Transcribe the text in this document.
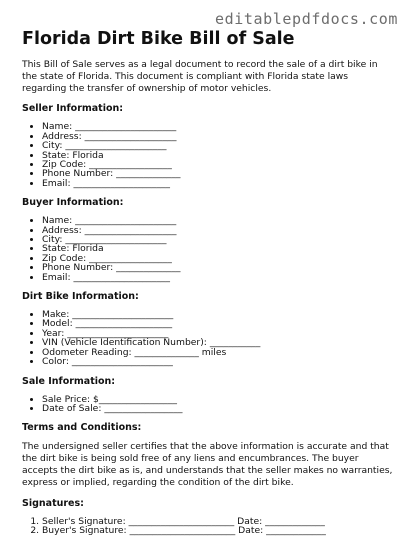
editablepdfdocs.com
Florida Dirt Bike Bill of Sale

This Bill of Sale serves as a legal document to record the sale of a dirt bike in the state of Florida. This document is compliant with Florida state laws regarding the transfer of ownership of motor vehicles.

Seller Information:
• Name: ______________________
• Address: ____________________
• City: ______________________
• State: Florida
• Zip Code: __________________
• Phone Number: ______________
• Email: _____________________
Buyer Information:
• Name: ______________________
• Address: ____________________
• City: ______________________
• State: Florida
• Zip Code: __________________
• Phone Number: ______________
• Email: _____________________
Dirt Bike Information:
• Make: ______________________
• Model: _____________________
• Year: ______________________
• VIN (Vehicle Identification Number): ___________
• Odometer Reading: ______________ miles
• Color: ______________________
Sale Information:
• Sale Price: $_________________
• Date of Sale: _________________
Terms and Conditions:

The undersigned seller certifies that the above information is accurate and that the dirt bike is being sold free of any liens and encumbrances. The buyer accepts the dirt bike as is, and understands that the seller makes no warranties, express or implied, regarding the condition of the dirt bike.

Signatures:
1. Seller's Signature: _______________________ Date: _____________
2. Buyer's Signature: _______________________ Date: _____________
